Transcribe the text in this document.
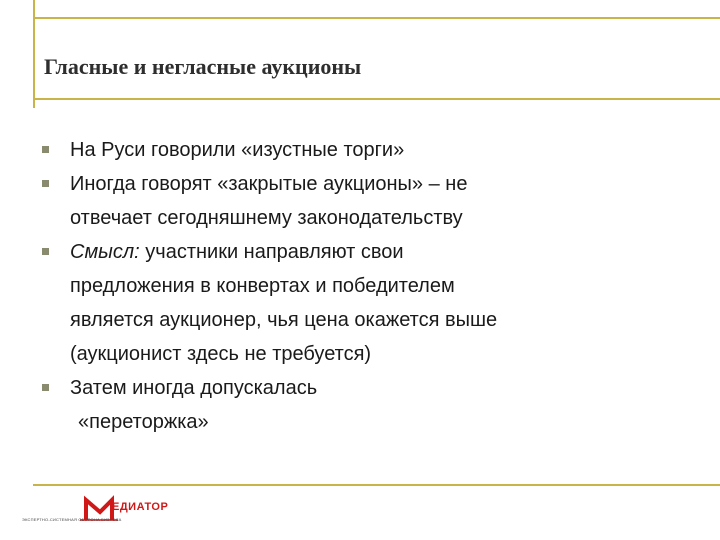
Гласные и негласные аукционы
На Руси говорили «изустные торги»
Иногда говорят «закрытые аукционы» – не
отвечает сегодняшнему законодательству
Смысл: участники направляют свои
предложения в конвертах и победителем
является аукционер, чья цена окажется выше
(аукционист здесь не требуется)
Затем иногда допускалась
«переторжка»
ЕДИАТОР
ЭКСПЕРТНО-СИСТЕМНАЯ ОБОРОНА БИЗНЕСА
